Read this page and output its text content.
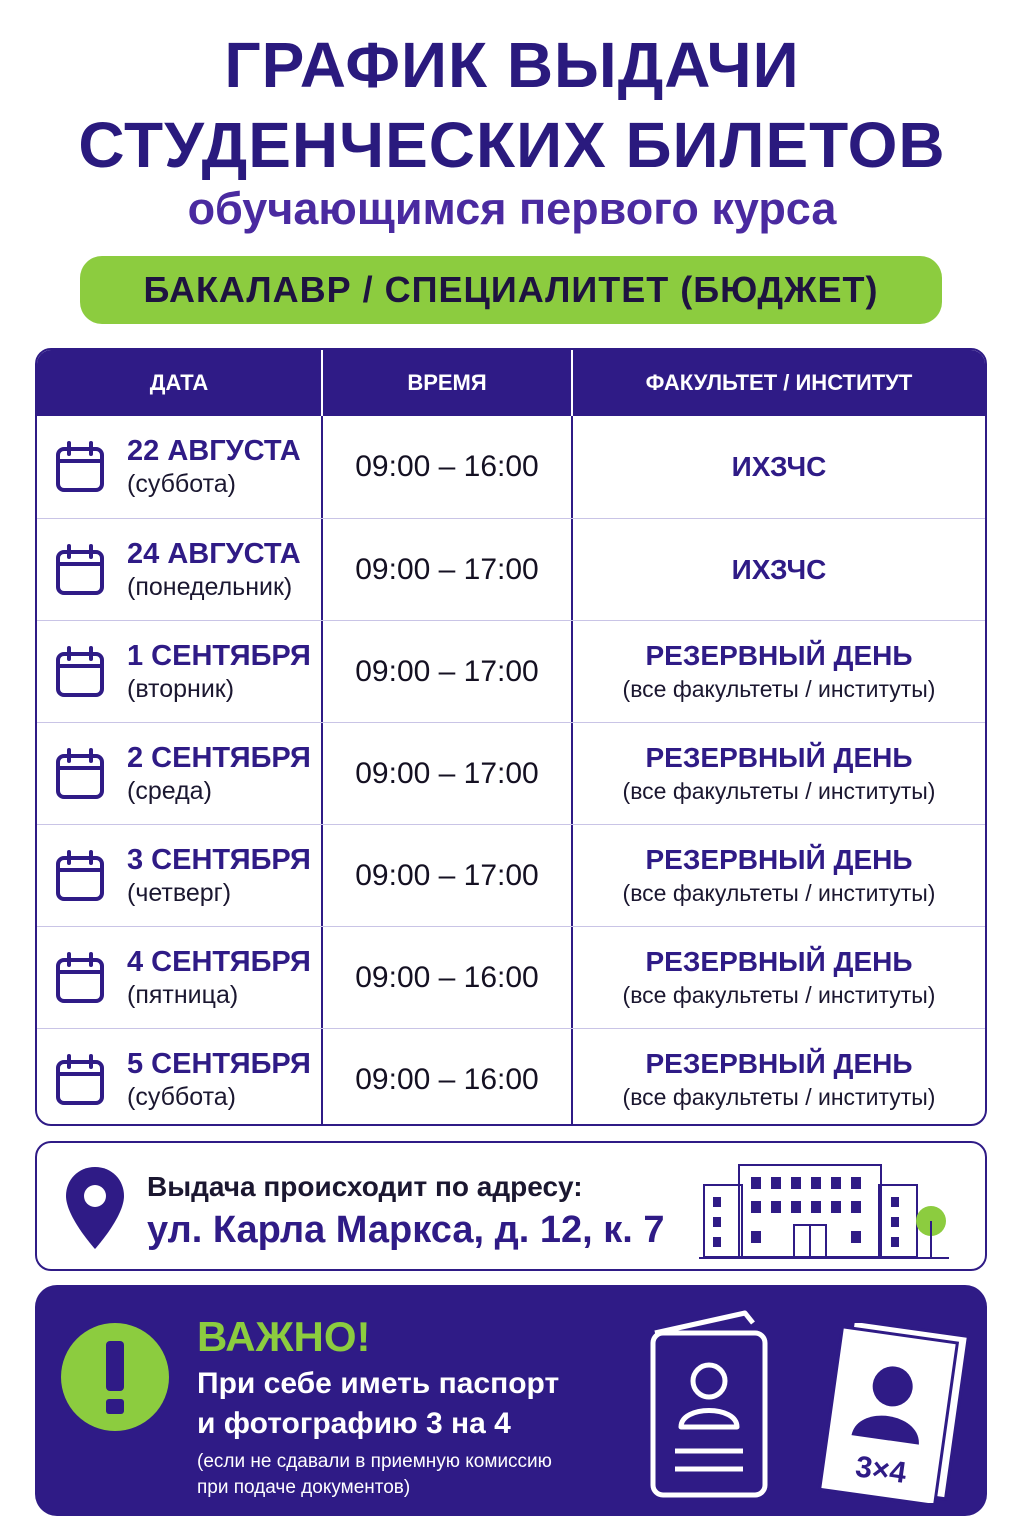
ГРАФИК ВЫДАЧИ
СТУДЕНЧЕСКИХ БИЛЕТОВ
обучающимся первого курса
БАКАЛАВР / СПЕЦИАЛИТЕТ (БЮДЖЕТ)
ДАТА	ВРЕМЯ	ФАКУЛЬТЕТ / ИНСТИТУТ
22 АВГУСТА
(суббота)
09:00 – 16:00	ИХЗЧС
24 АВГУСТА
(понедельник)
09:00 – 17:00	ИХЗЧС
1 СЕНТЯБРЯ
(вторник)
09:00 – 17:00	РЕЗЕРВНЫЙ ДЕНЬ
(все факультеты / институты)
2 СЕНТЯБРЯ
(среда)
09:00 – 17:00	РЕЗЕРВНЫЙ ДЕНЬ
(все факультеты / институты)
3 СЕНТЯБРЯ
(четверг)
09:00 – 17:00	РЕЗЕРВНЫЙ ДЕНЬ
(все факультеты / институты)
4 СЕНТЯБРЯ
(пятница)
09:00 – 16:00	РЕЗЕРВНЫЙ ДЕНЬ
(все факультеты / институты)
5 СЕНТЯБРЯ
(суббота)
09:00 – 16:00	РЕЗЕРВНЫЙ ДЕНЬ
(все факультеты / институты)
Выдача происходит по адресу:
ул. Карла Маркса, д. 12, к. 7
ВАЖНО!
При себе иметь паспорт
и фотографию 3 на 4
(если не сдавали в приемную комиссию
при подаче документов)	3×4
